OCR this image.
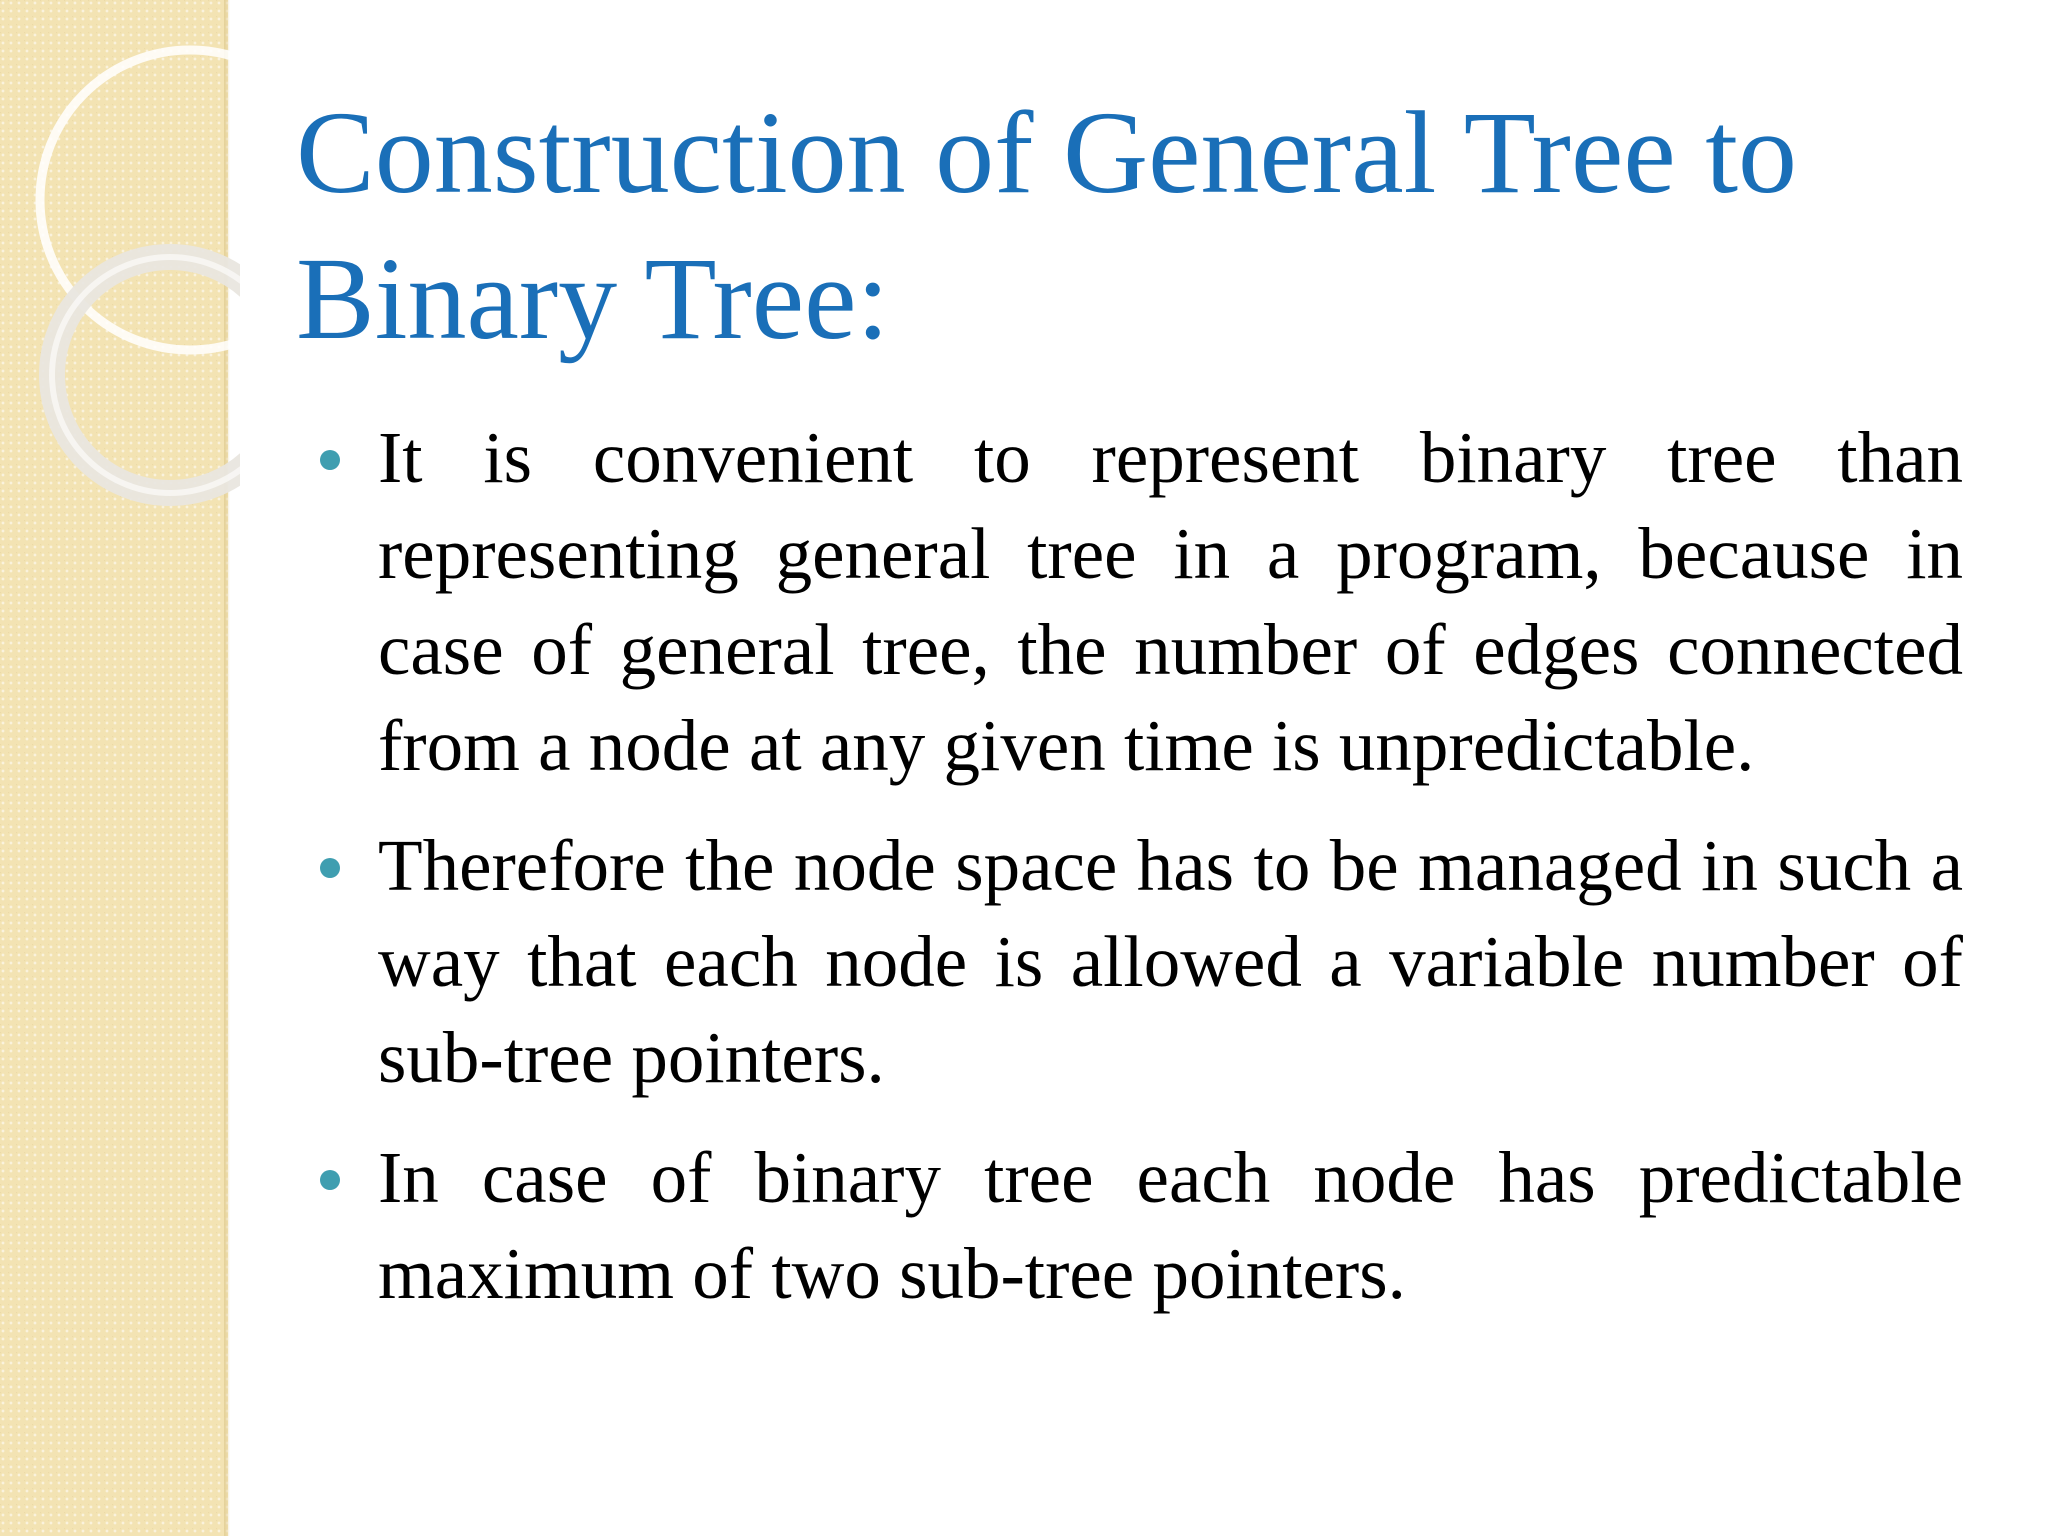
Construction of General Tree to Binary Tree:
It is convenient to represent binary tree than representing general tree in a program, because in case of general tree, the number of edges connected from a node at any given time is unpredictable.
Therefore the node space has to be managed in such a way that each node is allowed a variable number of sub-tree pointers.
In case of binary tree each node has predictable maximum of two sub-tree pointers.
